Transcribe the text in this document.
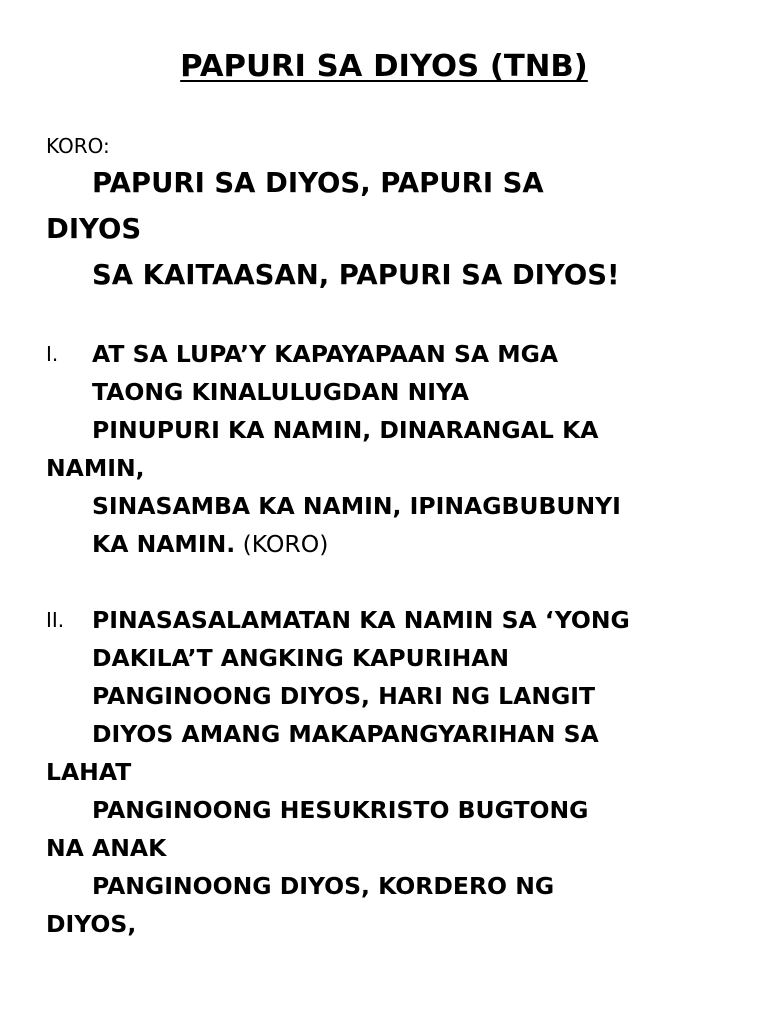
PAPURI SA DIYOS (TNB)
KORO:
PAPURI SA DIYOS, PAPURI SA
DIYOS
SA KAITAASAN, PAPURI SA DIYOS!
I. AT SA LUPA’Y KAPAYAPAAN SA MGA
TAONG KINALULUGDAN NIYA
PINUPURI KA NAMIN, DINARANGAL KA
NAMIN,
SINASAMBA KA NAMIN, IPINAGBUBUNYI
KA NAMIN. (KORO)
II. PINASASALAMATAN KA NAMIN SA ‘YONG
DAKILA’T ANGKING KAPURIHAN
PANGINOONG DIYOS, HARI NG LANGIT
DIYOS AMANG MAKAPANGYARIHAN SA
LAHAT
PANGINOONG HESUKRISTO BUGTONG
NA ANAK
PANGINOONG DIYOS, KORDERO NG
DIYOS,
